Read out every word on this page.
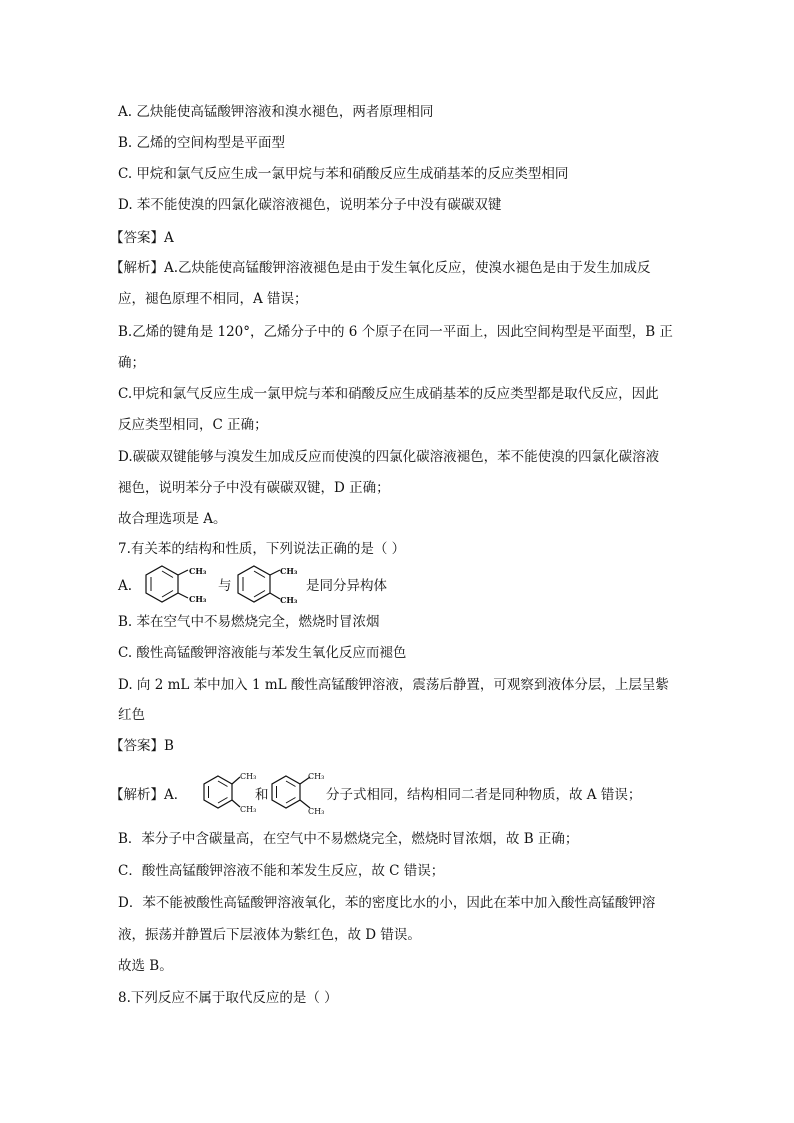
A. 乙炔能使高锰酸钾溶液和溴水褪色，两者原理相同
B. 乙烯的空间构型是平面型
C. 甲烷和氯气反应生成一氯甲烷与苯和硝酸反应生成硝基苯的反应类型相同
D. 苯不能使溴的四氯化碳溶液褪色，说明苯分子中没有碳碳双键
【答案】A
【解析】A.乙炔能使高锰酸钾溶液褪色是由于发生氧化反应，使溴水褪色是由于发生加成反
应，褪色原理不相同，A 错误；
B.乙烯的键角是 120°，乙烯分子中的 6 个原子在同一平面上，因此空间构型是平面型，B 正
确；
C.甲烷和氯气反应生成一氯甲烷与苯和硝酸反应生成硝基苯的反应类型都是取代反应，因此
反应类型相同，C 正确；
D.碳碳双键能够与溴发生加成反应而使溴的四氯化碳溶液褪色，苯不能使溴的四氯化碳溶液
褪色，说明苯分子中没有碳碳双键，D 正确；
故合理选项是 A。
7.有关苯的结构和性质，下列说法正确的是（ ）
A.
CH₃
CH₃
与
CH₃
CH₃
是同分异构体
B. 苯在空气中不易燃烧完全，燃烧时冒浓烟
C. 酸性高锰酸钾溶液能与苯发生氧化反应而褪色
D. 向 2 mL 苯中加入 1 mL 酸性高锰酸钾溶液，震荡后静置，可观察到液体分层，上层呈紫
红色
【答案】B
【解析】A．
CH₃
CH₃
和
CH₃
CH₃
分子式相同，结构相同二者是同种物质，故 A 错误；
B．苯分子中含碳量高，在空气中不易燃烧完全，燃烧时冒浓烟，故 B 正确；
C．酸性高锰酸钾溶液不能和苯发生反应，故 C 错误；
D．苯不能被酸性高锰酸钾溶液氧化，苯的密度比水的小，因此在苯中加入酸性高锰酸钾溶
液，振荡并静置后下层液体为紫红色，故 D 错误。
故选 B。
8.下列反应不属于取代反应的是（ ）
